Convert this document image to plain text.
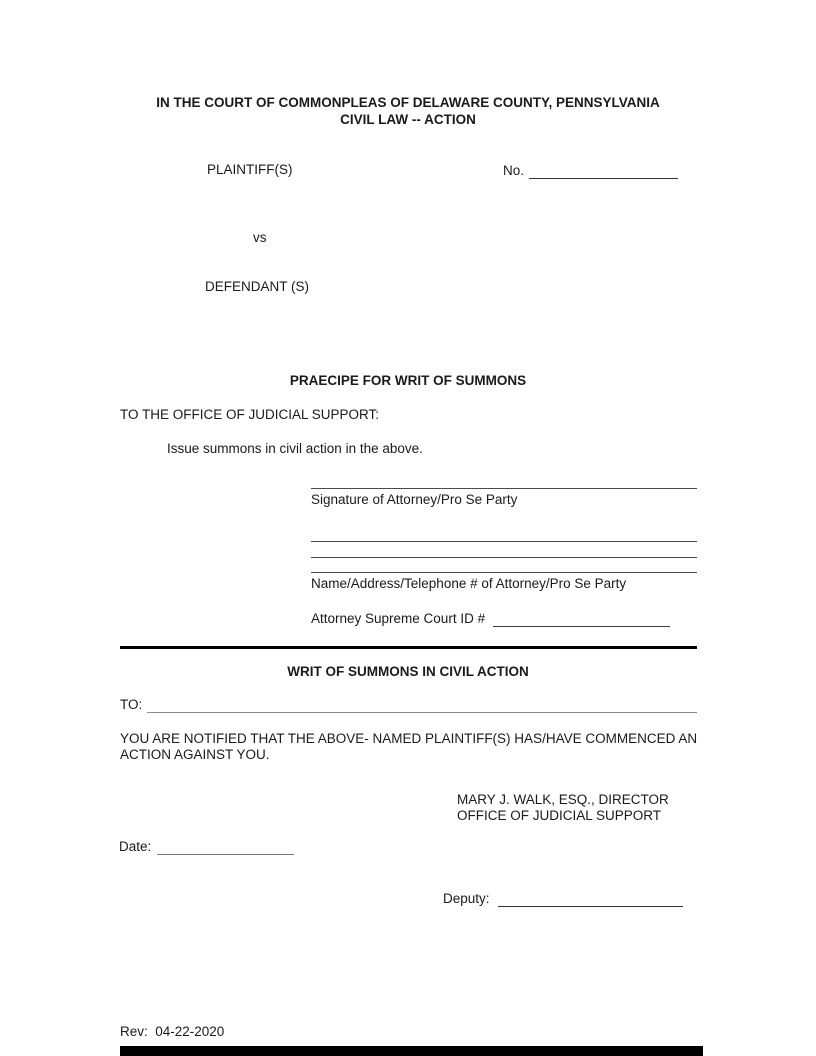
IN THE COURT OF COMMONPLEAS OF DELAWARE COUNTY, PENNSYLVANIA
CIVIL LAW -- ACTION
PLAINTIFF(S)	No.
vs
DEFENDANT (S)
PRAECIPE FOR WRIT OF SUMMONS
TO THE OFFICE OF JUDICIAL SUPPORT:
Issue summons in civil action in the above.
Signature of Attorney/Pro Se Party
Name/Address/Telephone # of Attorney/Pro Se Party
Attorney Supreme Court ID #
WRIT OF SUMMONS IN CIVIL ACTION
TO:
YOU ARE NOTIFIED THAT THE ABOVE- NAMED PLAINTIFF(S) HAS/HAVE COMMENCED AN
ACTION AGAINST YOU.
MARY J. WALK, ESQ., DIRECTOR
OFFICE OF JUDICIAL SUPPORT
Date:
Deputy:
Rev:  04-22-2020
